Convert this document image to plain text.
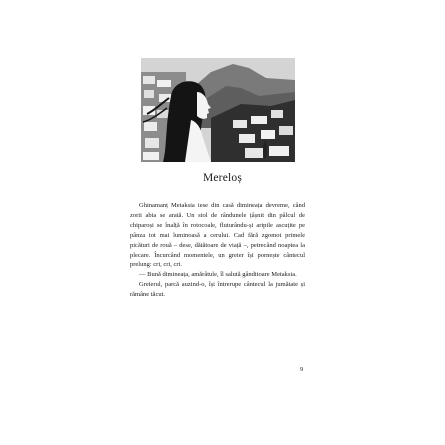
Mereloș

Ghinamanț Metaksia iese din casă dimineața devreme, când zorii abia se arată. Un stol de rândunele țâșnit din pâlcul de chiparoși se înalță în rotocoale, fluturându-și aripile ascuțite pe pânza tot mai luminoasă a cerului. Cad fără zgomot primele picături de rouă – dese, dătătoare de viață –, petrecând noaptea la plecare. Încurcând momentele, un greier își pornește cântecul prelung: cri, cri, cri.

— Bună dimineața, amărâtule, îl salută gânditoare Metaksia.

Greierul, parcă auzind-o, își întrerupe cântecul la jumătate și rămâne tăcut.

9
